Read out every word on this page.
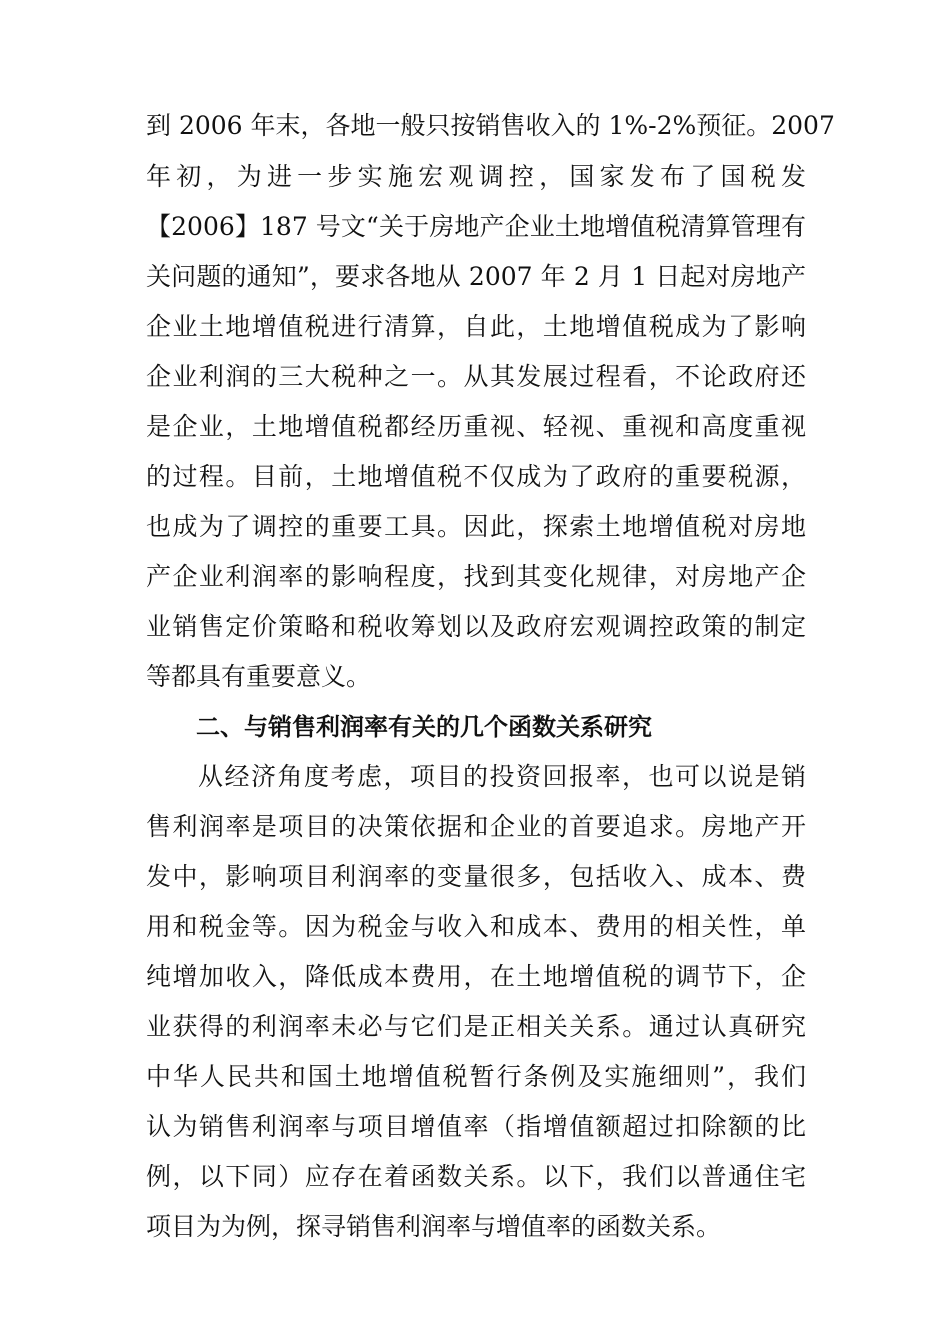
到 2006 年末，各地一般只按销售收入的 1%-2%预征。2007
年初，为进一步实施宏观调控，国家发布了国税发
【2006】187 号文“关于房地产企业土地增值税清算管理有
关问题的通知”，要求各地从 2007 年 2 月 1 日起对房地产
企业土地增值税进行清算，自此，土地增值税成为了影响
企业利润的三大税种之一。从其发展过程看，不论政府还
是企业，土地增值税都经历重视、轻视、重视和高度重视
的过程。目前，土地增值税不仅成为了政府的重要税源，
也成为了调控的重要工具。因此，探索土地增值税对房地
产企业利润率的影响程度，找到其变化规律，对房地产企
业销售定价策略和税收筹划以及政府宏观调控政策的制定
等都具有重要意义。
二、与销售利润率有关的几个函数关系研究
从经济角度考虑，项目的投资回报率，也可以说是销
售利润率是项目的决策依据和企业的首要追求。房地产开
发中，影响项目利润率的变量很多，包括收入、成本、费
用和税金等。因为税金与收入和成本、费用的相关性，单
纯增加收入，降低成本费用，在土地增值税的调节下，企
业获得的利润率未必与它们是正相关关系。通过认真研究
中华人民共和国土地增值税暂行条例及实施细则”，我们
认为销售利润率与项目增值率（指增值额超过扣除额的比
例，以下同）应存在着函数关系。以下，我们以普通住宅
项目为为例，探寻销售利润率与增值率的函数关系。
